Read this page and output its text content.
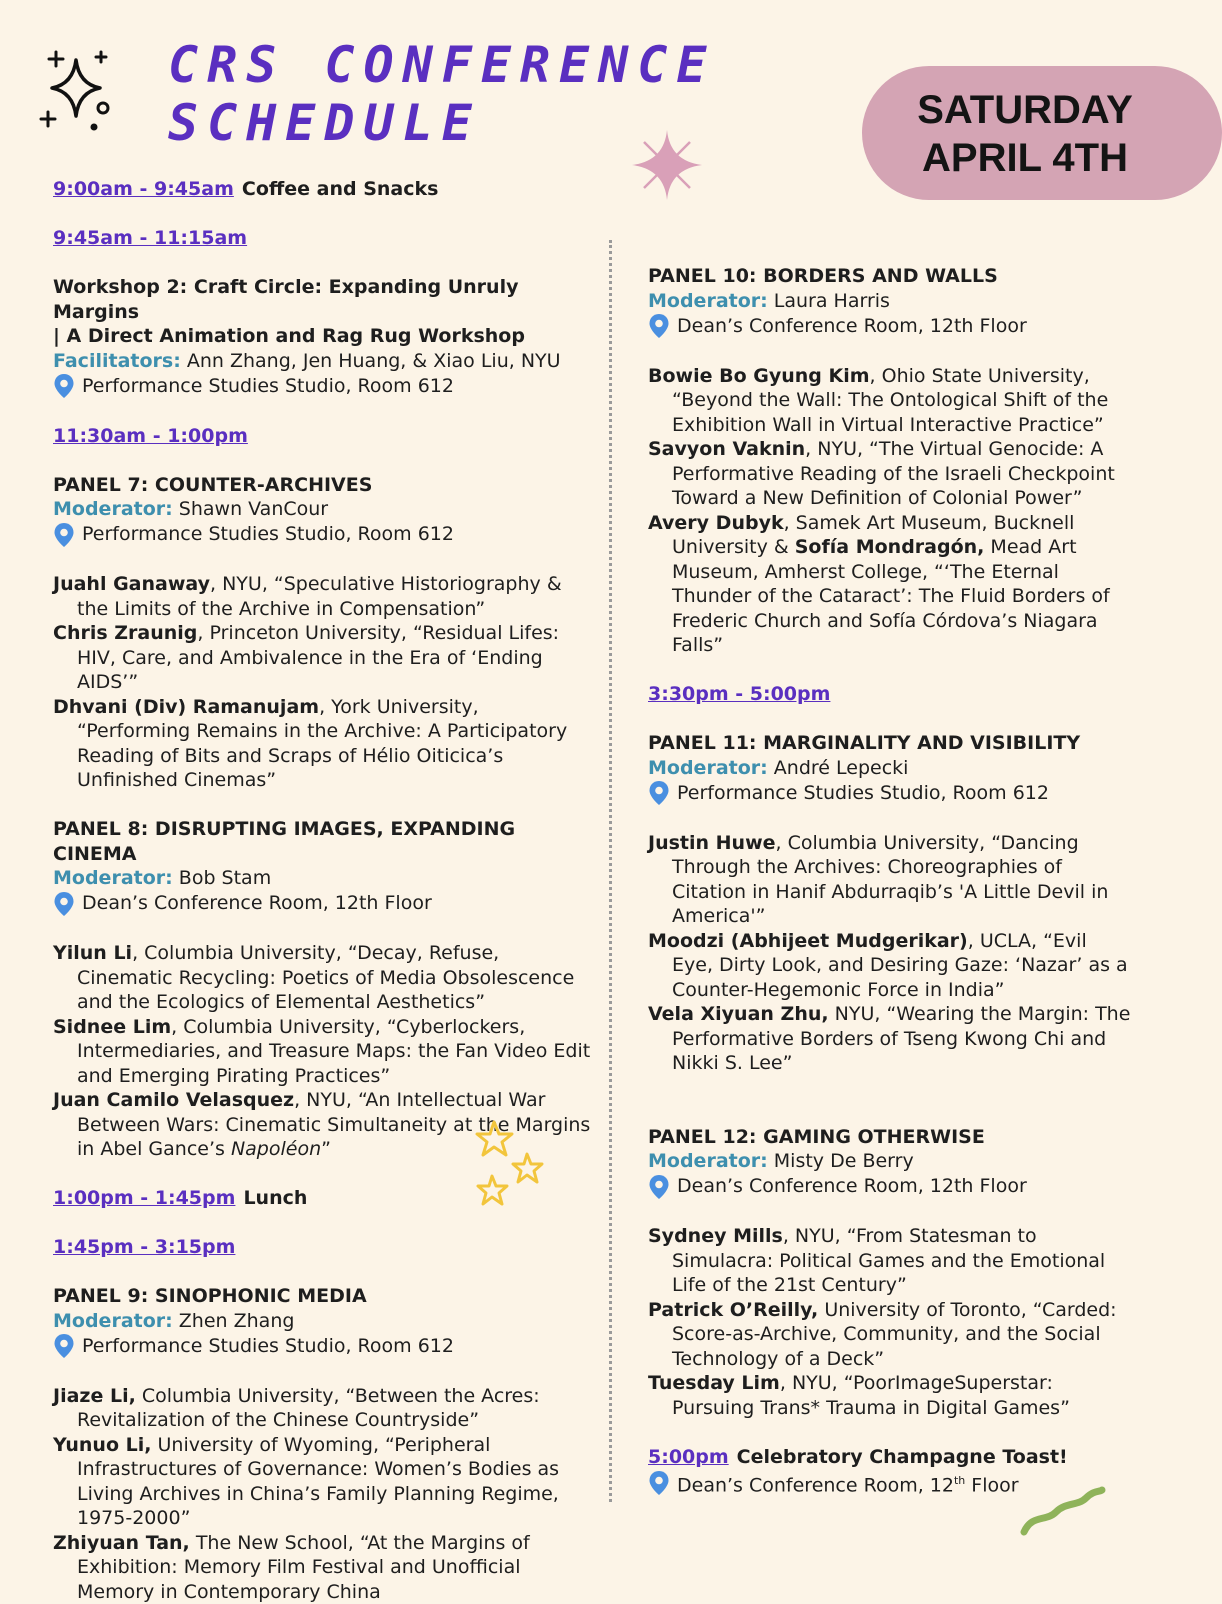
CRS CONFERENCE
SCHEDULE	SATURDAY
APRIL 4TH
9:00am - 9:45am Coffee and Snacks
9:45am - 11:15am
Workshop 2: Craft Circle: Expanding Unruly Margins
| A Direct Animation and Rag Rug Workshop
Facilitators: Ann Zhang, Jen Huang, & Xiao Liu, NYU
Performance Studies Studio, Room 612
11:30am - 1:00pm
PANEL 7: COUNTER-ARCHIVES
Moderator: Shawn VanCour
Performance Studies Studio, Room 612
Juahl Ganaway, NYU, “Speculative Historiography & the Limits of the Archive in Compensation”
Chris Zraunig, Princeton University, “Residual Lifes: HIV, Care, and Ambivalence in the Era of ‘Ending AIDS’”
Dhvani (Div) Ramanujam, York University, “Performing Remains in the Archive: A Participatory Reading of Bits and Scraps of Hélio Oiticica’s Unfinished Cinemas”
PANEL 8: DISRUPTING IMAGES, EXPANDING CINEMA
Moderator: Bob Stam
Dean’s Conference Room, 12th Floor
Yilun Li, Columbia University, “Decay, Refuse, Cinematic Recycling: Poetics of Media Obsolescence and the Ecologics of Elemental Aesthetics”
Sidnee Lim, Columbia University, “Cyberlockers, Intermediaries, and Treasure Maps: the Fan Video Edit and Emerging Pirating Practices”
Juan Camilo Velasquez, NYU, “An Intellectual War Between Wars: Cinematic Simultaneity at the Margins in Abel Gance’s Napoléon”
1:00pm - 1:45pm Lunch
1:45pm - 3:15pm
PANEL 9: SINOPHONIC MEDIA
Moderator: Zhen Zhang
Performance Studies Studio, Room 612
Jiaze Li, Columbia University, “Between the Acres: Revitalization of the Chinese Countryside”
Yunuo Li, University of Wyoming, “Peripheral Infrastructures of Governance: Women’s Bodies as Living Archives in China’s Family Planning Regime, 1975-2000”
Zhiyuan Tan, The New School, “At the Margins of Exhibition: Memory Film Festival and Unofficial Memory in Contemporary China
PANEL 10: BORDERS AND WALLS
Moderator: Laura Harris
Dean’s Conference Room, 12th Floor
Bowie Bo Gyung Kim, Ohio State University, “Beyond the Wall: The Ontological Shift of the Exhibition Wall in Virtual Interactive Practice”
Savyon Vaknin, NYU, “The Virtual Genocide: A Performative Reading of the Israeli Checkpoint Toward a New Definition of Colonial Power”
Avery Dubyk, Samek Art Museum, Bucknell University & Sofía Mondragón, Mead Art Museum, Amherst College, “‘The Eternal Thunder of the Cataract’: The Fluid Borders of Frederic Church and Sofía Córdova’s Niagara Falls”
3:30pm - 5:00pm
PANEL 11: MARGINALITY AND VISIBILITY
Moderator: André Lepecki
Performance Studies Studio, Room 612
Justin Huwe, Columbia University, “Dancing Through the Archives: Choreographies of Citation in Hanif Abdurraqib’s 'A Little Devil in America'”
Moodzi (Abhijeet Mudgerikar), UCLA, “Evil Eye, Dirty Look, and Desiring Gaze: ‘Nazar’ as a Counter-Hegemonic Force in India”
Vela Xiyuan Zhu, NYU, “Wearing the Margin: The Performative Borders of Tseng Kwong Chi and Nikki S. Lee”
PANEL 12: GAMING OTHERWISE
Moderator: Misty De Berry
Dean’s Conference Room, 12th Floor
Sydney Mills, NYU, “From Statesman to Simulacra: Political Games and the Emotional Life of the 21st Century”
Patrick O’Reilly, University of Toronto, “Carded: Score-as-Archive, Community, and the Social Technology of a Deck”
Tuesday Lim, NYU, “PoorImageSuperstar: Pursuing Trans* Trauma in Digital Games”
5:00pm Celebratory Champagne Toast!
Dean’s Conference Room, 12th Floor
